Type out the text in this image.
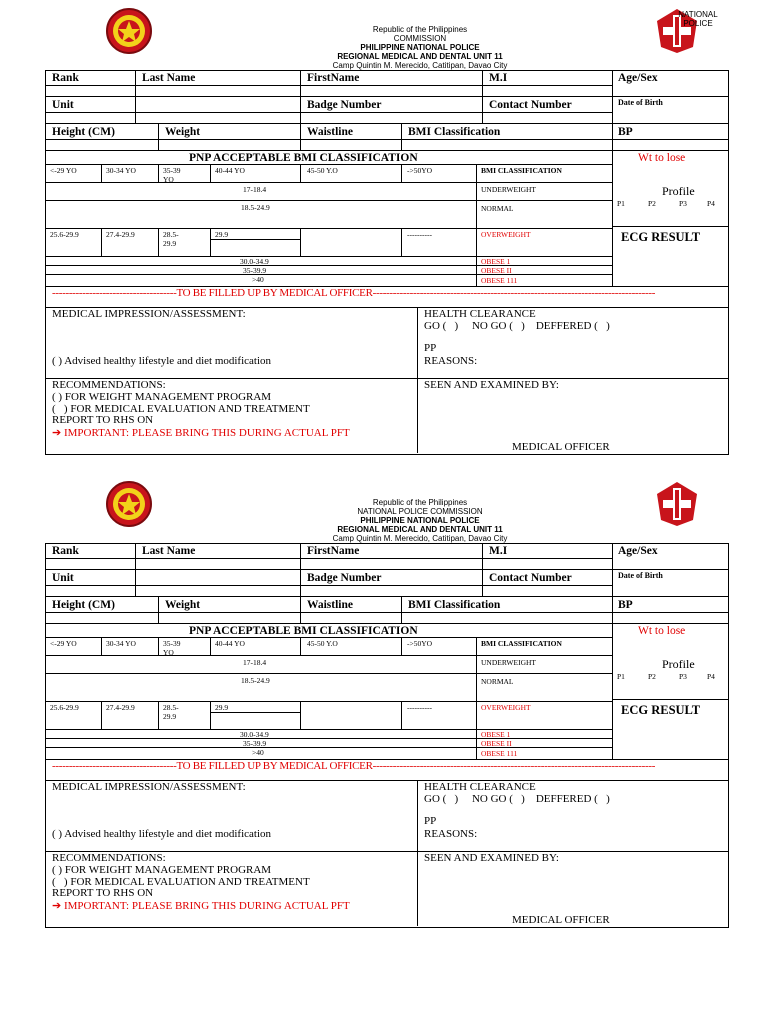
NATIONAL
POLICE
Republic of the Philippines
COMMISSION
PHILIPPINE NATIONAL POLICE
REGIONAL MEDICAL AND DENTAL UNIT 11
Camp Quintin M. Merecido, Catitipan, Davao City
Rank	Last Name	FirstName	M.I	Age/Sex
Unit	Badge Number	Contact Number	Date of Birth
Height (CM)	Weight	Waistline	BMI Classification	BP
PNP ACCEPTABLE BMI CLASSIFICATION	Wt to lose
<-29 YO	30-34 YO	35-39
YO
40-44 YO	45-50 Y.O	->50YO	BMI CLASSIFICATION
17-18.4	UNDERWEIGHT
18.5-24.9	NORMAL
25.6-29.9	27.4-29.9	28.5-
29.9
29.9	----------	OVERWEIGHT
30.0-34.9	OBESE 1
35-39.9	OBESE II
>40	OBESE 111
Profile
P1	P2	P3	P4
ECG RESULT
-------------------------------------TO BE FILLED UP BY MEDICAL OFFICER------------------------------------------------------------------------------------
MEDICAL IMPRESSION/ASSESSMENT:
( ) Advised healthy lifestyle and diet modification
HEALTH CLEARANCE
GO (   )     NO GO (   )    DEFFERED (   )
PP
REASONS:
RECOMMENDATIONS:
( ) FOR WEIGHT MANAGEMENT PROGRAM
(   ) FOR MEDICAL EVALUATION AND TREATMENT
REPORT TO RHS ON
➔ IMPORTANT: PLEASE BRING THIS DURING ACTUAL PFT
SEEN AND EXAMINED BY:
MEDICAL OFFICER
Republic of the Philippines
NATIONAL POLICE COMMISSION
PHILIPPINE NATIONAL POLICE
REGIONAL MEDICAL AND DENTAL UNIT 11
Camp Quintin M. Merecido, Catitipan, Davao City
Rank	Last Name	FirstName	M.I	Age/Sex
Unit	Badge Number	Contact Number	Date of Birth
Height (CM)	Weight	Waistline	BMI Classification	BP
PNP ACCEPTABLE BMI CLASSIFICATION	Wt to lose
<-29 YO	30-34 YO	35-39
YO
40-44 YO	45-50 Y.O	->50YO	BMI CLASSIFICATION
17-18.4	UNDERWEIGHT
18.5-24.9	NORMAL
25.6-29.9	27.4-29.9	28.5-
29.9
29.9	----------	OVERWEIGHT
30.0-34.9	OBESE 1
35-39.9	OBESE II
>40	OBESE 111
Profile
P1	P2	P3	P4
ECG RESULT
-------------------------------------TO BE FILLED UP BY MEDICAL OFFICER------------------------------------------------------------------------------------
MEDICAL IMPRESSION/ASSESSMENT:
( ) Advised healthy lifestyle and diet modification
HEALTH CLEARANCE
GO (   )     NO GO (   )    DEFFERED (   )
PP
REASONS:
RECOMMENDATIONS:
( ) FOR WEIGHT MANAGEMENT PROGRAM
(   ) FOR MEDICAL EVALUATION AND TREATMENT
REPORT TO RHS ON
➔ IMPORTANT: PLEASE BRING THIS DURING ACTUAL PFT
SEEN AND EXAMINED BY:
MEDICAL OFFICER
